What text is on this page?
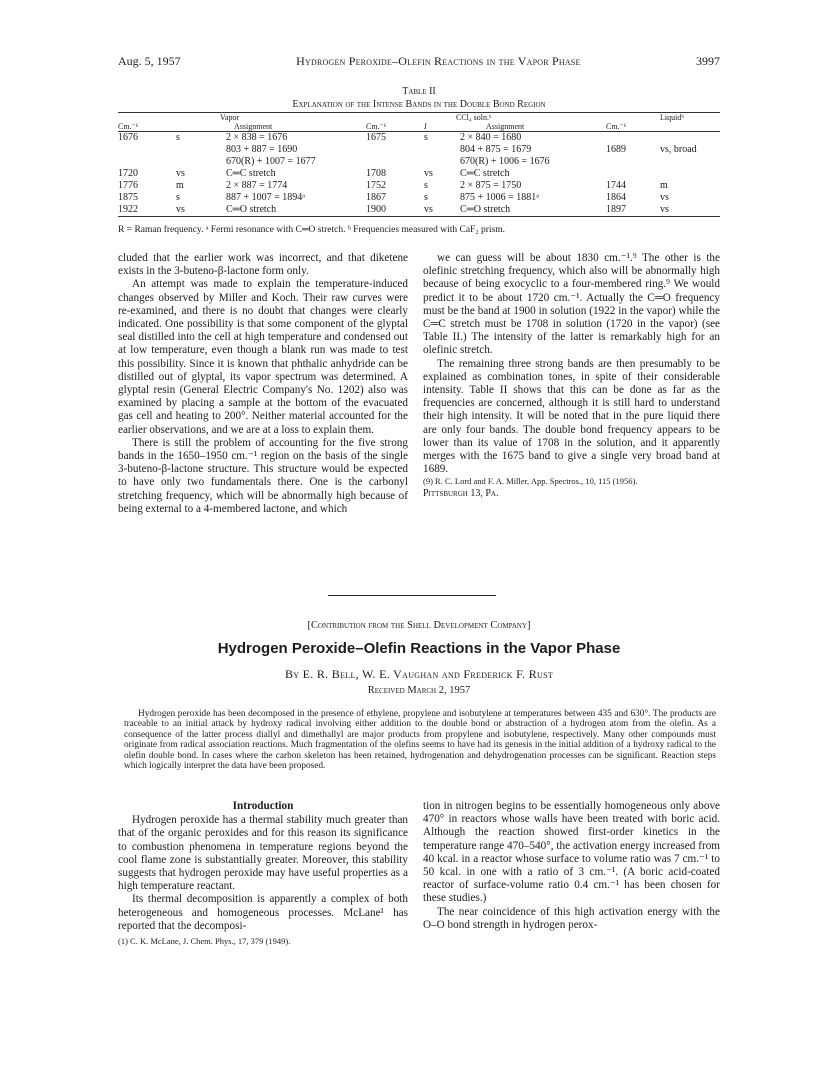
Aug. 5, 1957	Hydrogen Peroxide–Olefin Reactions in the Vapor Phase	3997
Table II
Explanation of the Intense Bands in the Double Bond Region
		Vapor			CCl₄ soln.ᵇ		Liquidᵇ
Cm.⁻¹		Assignment	Cm.⁻¹	I	Assignment	Cm.⁻¹	
1676	s	2 × 838 = 1676	1675	s	2 × 840 = 1680		
		803 + 887 = 1690			804 + 875 = 1679	1689	vs, broad
		670(R) + 1007 = 1677			670(R) + 1006 = 1676		
1720	vs	C═C stretch	1708	vs	C═C stretch		
1776	m	2 × 887 = 1774	1752	s	2 × 875 = 1750	1744	m
1875	s	887 + 1007 = 1894ᵃ	1867	s	875 + 1006 = 1881ᵃ	1864	vs
1922	vs	C═O stretch	1900	vs	C═O stretch	1897	vs
R = Raman frequency. ᵃ Fermi resonance with C═O stretch. ᵇ Frequencies measured with CaF₂ prism.

cluded that the earlier work was incorrect, and that diketene exists in the 3-buteno-β-lactone form only.

An attempt was made to explain the temperature-induced changes observed by Miller and Koch. Their raw curves were re-examined, and there is no doubt that changes were clearly indicated. One possibility is that some component of the glyptal seal distilled into the cell at high temperature and condensed out at low temperature, even though a blank run was made to test this possibility. Since it is known that phthalic anhydride can be distilled out of glyptal, its vapor spectrum was determined. A glyptal resin (General Electric Company's No. 1202) also was examined by placing a sample at the bottom of the evacuated gas cell and heating to 200°. Neither material accounted for the earlier observations, and we are at a loss to explain them.

There is still the problem of accounting for the five strong bands in the 1650–1950 cm.⁻¹ region on the basis of the single 3-buteno-β-lactone structure. This structure would be expected to have only two fundamentals there. One is the carbonyl stretching frequency, which will be abnormally high because of being external to a 4-membered lactone, and which

we can guess will be about 1830 cm.⁻¹.⁹ The other is the olefinic stretching frequency, which also will be abnormally high because of being exocyclic to a four-membered ring.⁹ We would predict it to be about 1720 cm.⁻¹. Actually the C═O frequency must be the band at 1900 in solution (1922 in the vapor) while the C═C stretch must be 1708 in solution (1720 in the vapor) (see Table II.) The intensity of the latter is remarkably high for an olefinic stretch.

The remaining three strong bands are then presumably to be explained as combination tones, in spite of their considerable intensity. Table II shows that this can be done as far as the frequencies are concerned, although it is still hard to understand their high intensity. It will be noted that in the pure liquid there are only four bands. The double bond frequency appears to be lower than its value of 1708 in the solution, and it apparently merges with the 1675 band to give a single very broad band at 1689.

(9) R. C. Lord and F. A. Miller, App. Spectros., 10, 115 (1956).

Pittsburgh 13, Pa.

[Contribution from the Shell Development Company]
Hydrogen Peroxide–Olefin Reactions in the Vapor Phase
By E. R. Bell, W. E. Vaughan and Frederick F. Rust
Received March 2, 1957
Hydrogen peroxide has been decomposed in the presence of ethylene, propylene and isobutylene at temperatures between 435 and 630°. The products are traceable to an initial attack by hydroxy radical involving either addition to the double bond or abstraction of a hydrogen atom from the olefin. As a consequence of the latter process diallyl and dimethallyl are major products from propylene and isobutylene, respectively. Many other compounds must originate from radical association reactions. Much fragmentation of the olefins seems to have had its genesis in the initial addition of a hydroxy radical to the olefin double bond. In cases where the carbon skeleton has been retained, hydrogenation and dehydrogenation processes can be significant. Reaction steps which logically interpret the data have been proposed.

Introduction

Hydrogen peroxide has a thermal stability much greater than that of the organic peroxides and for this reason its significance to combustion phenomena in temperature regions beyond the cool flame zone is substantially greater. Moreover, this stability suggests that hydrogen peroxide may have useful properties as a high temperature reactant.

Its thermal decomposition is apparently a complex of both heterogeneous and homogeneous processes. McLane¹ has reported that the decomposi-

(1) C. K. McLane, J. Chem. Phys., 17, 379 (1949).

tion in nitrogen begins to be essentially homogeneous only above 470° in reactors whose walls have been treated with boric acid. Although the reaction showed first-order kinetics in the temperature range 470–540°, the activation energy increased from 40 kcal. in a reactor whose surface to volume ratio was 7 cm.⁻¹ to 50 kcal. in one with a ratio of 3 cm.⁻¹. (A boric acid-coated reactor of surface-volume ratio 0.4 cm.⁻¹ has been chosen for these studies.)

The near coincidence of this high activation energy with the O–O bond strength in hydrogen perox-
